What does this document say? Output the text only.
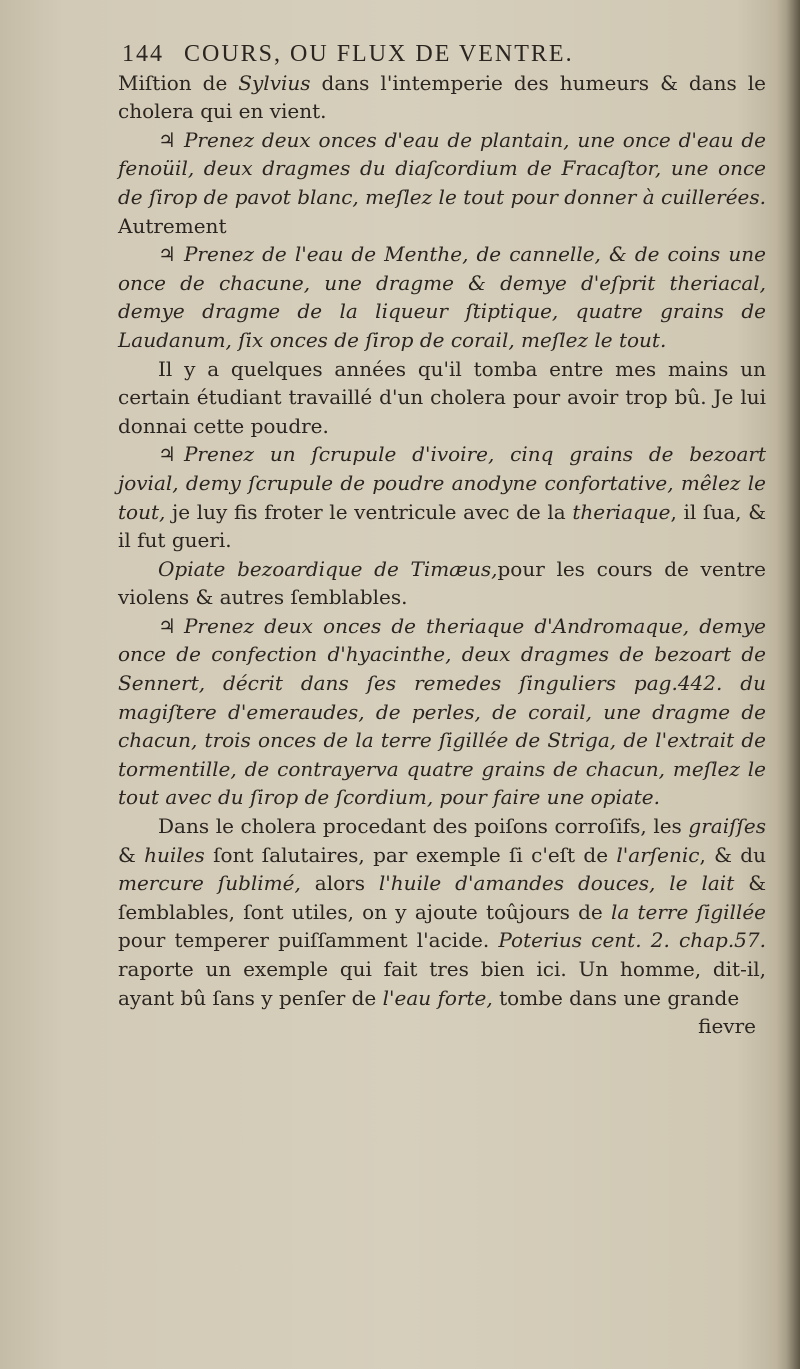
144 COURS, OU FLUX DE VENTRE.

Miſtion de Sylvius dans l'intemperie des humeurs & dans le cholera qui en vient.

♃ Prenez deux onces d'eau de plantain, une once d'eau de fenoüil, deux dragmes du diaſcordium de Fracaſtor, une once de ſirop de pavot blanc, meſlez le tout pour donner à cuillerées. Autrement

♃ Prenez de l'eau de Menthe, de cannelle, & de coins une once de chacune, une dragme & demye d'eſprit theriacal, demye dragme de la liqueur ſtiptique, quatre grains de Laudanum, ſix onces de ſirop de corail, meſlez le tout.

Il y a quelques années qu'il tomba entre mes mains un certain étudiant travaillé d'un cholera pour avoir trop bû. Je lui donnai cette poudre.

♃ Prenez un ſcrupule d'ivoire, cinq grains de bezoart jovial, demy ſcrupule de poudre anodyne confortative, mêlez le tout, je luy fis froter le ventricule avec de la theriaque, il ſua, & il fut gueri.

Opiate bezoardique de Timæus,pour les cours de ventre violens & autres ſemblables.

♃ Prenez deux onces de theriaque d'Andromaque, demye once de confection d'hyacinthe, deux dragmes de bezoart de Sennert, décrit dans ſes remedes ſinguliers pag.442. du magiſtere d'emeraudes, de perles, de corail, une dragme de chacun, trois onces de la terre ſigillée de Striga, de l'extrait de tormentille, de contrayerva quatre grains de chacun, meſlez le tout avec du ſirop de ſcordium, pour faire une opiate.

Dans le cholera procedant des poiſons corroſifs, les graiſſes & huiles ſont ſalutaires, par exemple ſi c'eſt de l'arſenic, & du mercure ſublimé, alors l'huile d'amandes douces, le lait & ſemblables, ſont utiles, on y ajoute toûjours de la terre ſigillée pour temperer puiſſamment l'acide. Poterius cent. 2. chap.57. raporte un exemple qui fait tres bien ici. Un homme, dit-il, ayant bû ſans y penſer de l'eau forte, tombe dans une grande

fievre
